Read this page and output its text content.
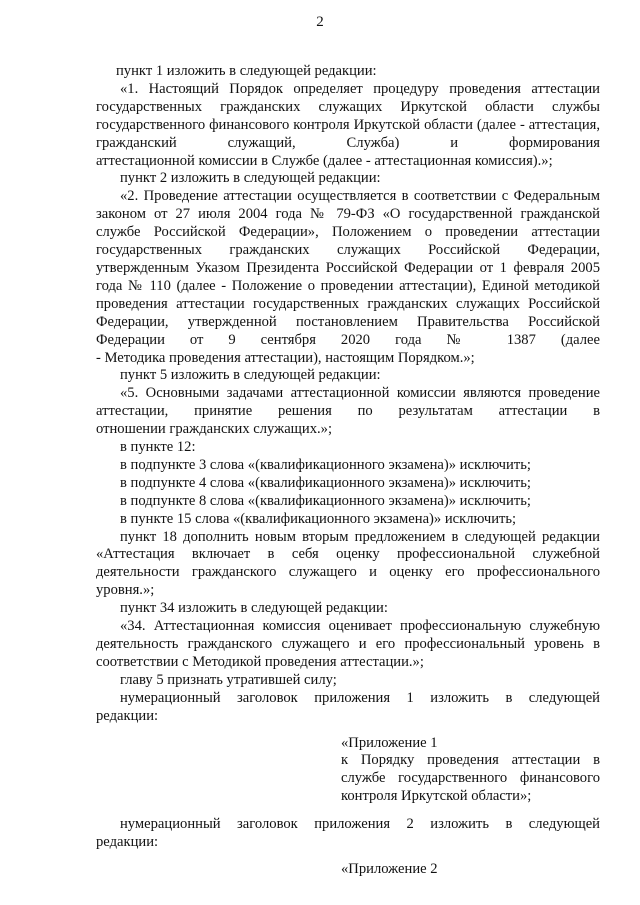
2

пункт 1 изложить в следующей редакции:

«1. Настоящий Порядок определяет процедуру проведения аттестации государственных гражданских служащих Иркутской области службы государственного финансового контроля Иркутской области (далее - аттестация, гражданский служащий, Служба) и формирования

аттестационной комиссии в Службе (далее - аттестационная комиссия).»;

пункт 2 изложить в следующей редакции:

«2. Проведение аттестации осуществляется в соответствии с Федеральным законом от 27 июля 2004 года № 79-ФЗ «О государственной гражданской службе Российской Федерации», Положением о проведении аттестации государственных гражданских служащих Российской Федерации, утвержденным Указом Президента Российской Федерации от 1 февраля 2005 года № 110 (далее - Положение о проведении аттестации), Единой методикой проведения аттестации государственных гражданских служащих Российской Федерации, утвержденной постановлением Правительства Российской Федерации от 9 сентября 2020 года № 1387 (далее

- Методика проведения аттестации), настоящим Порядком.»;

пункт 5 изложить в следующей редакции:

«5. Основными задачами аттестационной комиссии являются проведение аттестации, принятие решения по результатам аттестации в

отношении гражданских служащих.»;

в пункте 12:

в подпункте 3 слова «(квалификационного экзамена)» исключить;

в подпункте 4 слова «(квалификационного экзамена)» исключить;

в подпункте 8 слова «(квалификационного экзамена)» исключить;

в пункте 15 слова «(квалификационного экзамена)» исключить;

пункт 18 дополнить новым вторым предложением в следующей редакции «Аттестация включает в себя оценку профессиональной служебной деятельности гражданского служащего и оценку его профессионального

уровня.»;

пункт 34 изложить в следующей редакции:

«34. Аттестационная комиссия оценивает профессиональную служебную деятельность гражданского служащего и его профессиональный уровень в

соответствии с Методикой проведения аттестации.»;

главу 5 признать утратившей силу;

нумерационный заголовок приложения 1 изложить в следующей

редакции:

«Приложение 1

к Порядку проведения аттестации в службе государственного финансового

контроля Иркутской области»;

нумерационный заголовок приложения 2 изложить в следующей

редакции:

«Приложение 2
